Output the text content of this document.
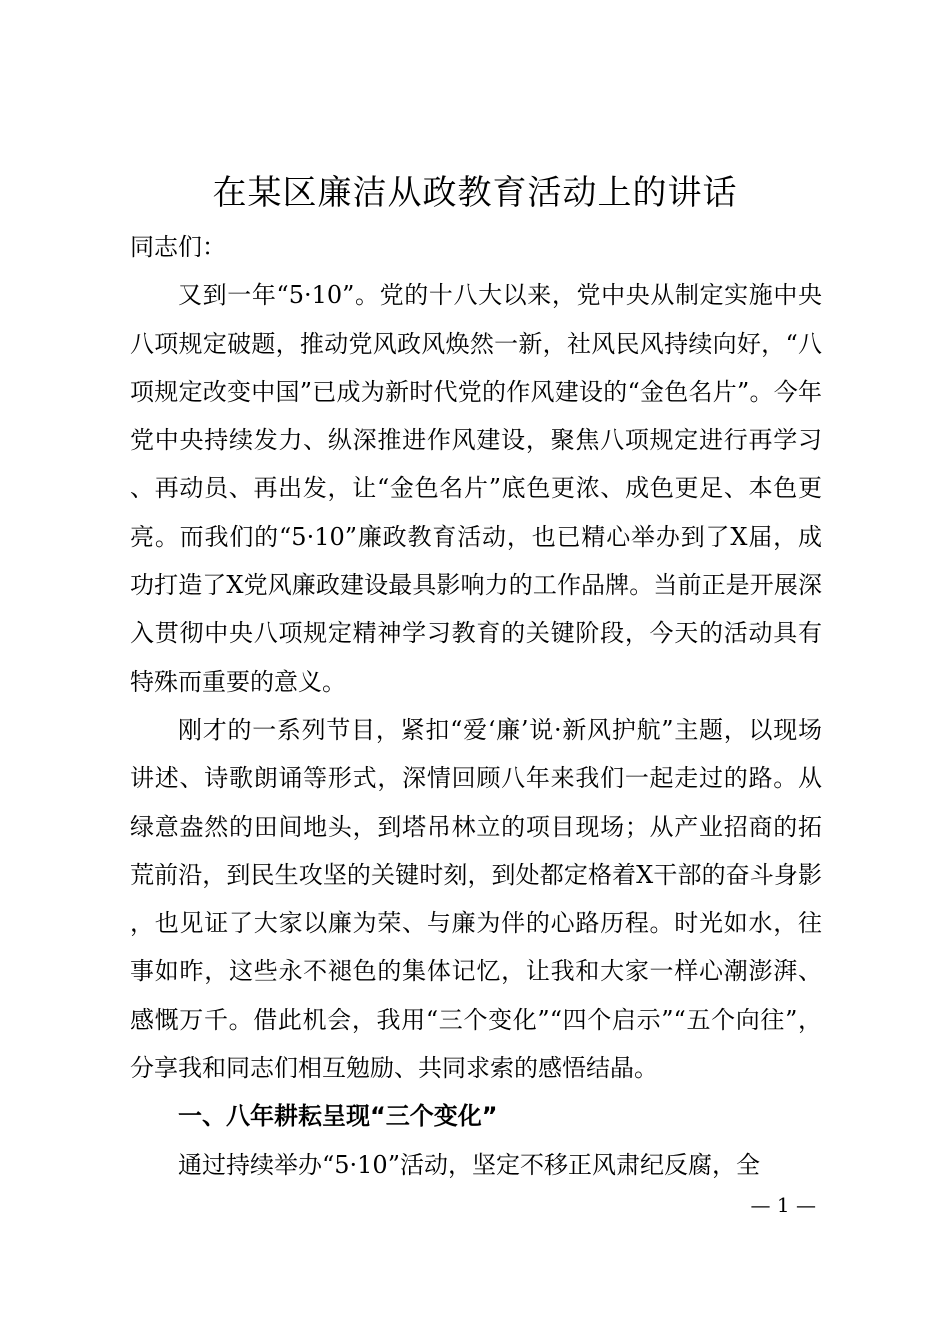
在某区廉洁从政教育活动上的讲话

同志们：

又到一年“5·10”。党的十八大以来，党中央从制定实施中央八项规定破题，推动党风政风焕然一新，社风民风持续向好，“八项规定改变中国”已成为新时代党的作风建设的“金色名片”。今年党中央持续发力、纵深推进作风建设，聚焦八项规定进行再学习、再动员、再出发，让“金色名片”底色更浓、成色更足、本色更亮。而我们的“5·10”廉政教育活动，也已精心举办到了X届，成功打造了X党风廉政建设最具影响力的工作品牌。当前正是开展深入贯彻中央八项规定精神学习教育的关键阶段，今天的活动具有特殊而重要的意义。

刚才的一系列节目，紧扣“爱‘廉’说·新风护航”主题，以现场讲述、诗歌朗诵等形式，深情回顾八年来我们一起走过的路。从绿意盎然的田间地头，到塔吊林立的项目现场；从产业招商的拓荒前沿，到民生攻坚的关键时刻，到处都定格着X干部的奋斗身影，也见证了大家以廉为荣、与廉为伴的心路历程。时光如水，往事如昨，这些永不褪色的集体记忆，让我和大家一样心潮澎湃、感慨万千。借此机会，我用“三个变化”“四个启示”“五个向往”，分享我和同志们相互勉励、共同求索的感悟结晶。

一、八年耕耘呈现“三个变化”

通过持续举办“5·10”活动，坚定不移正风肃纪反腐，全

— 1 —
